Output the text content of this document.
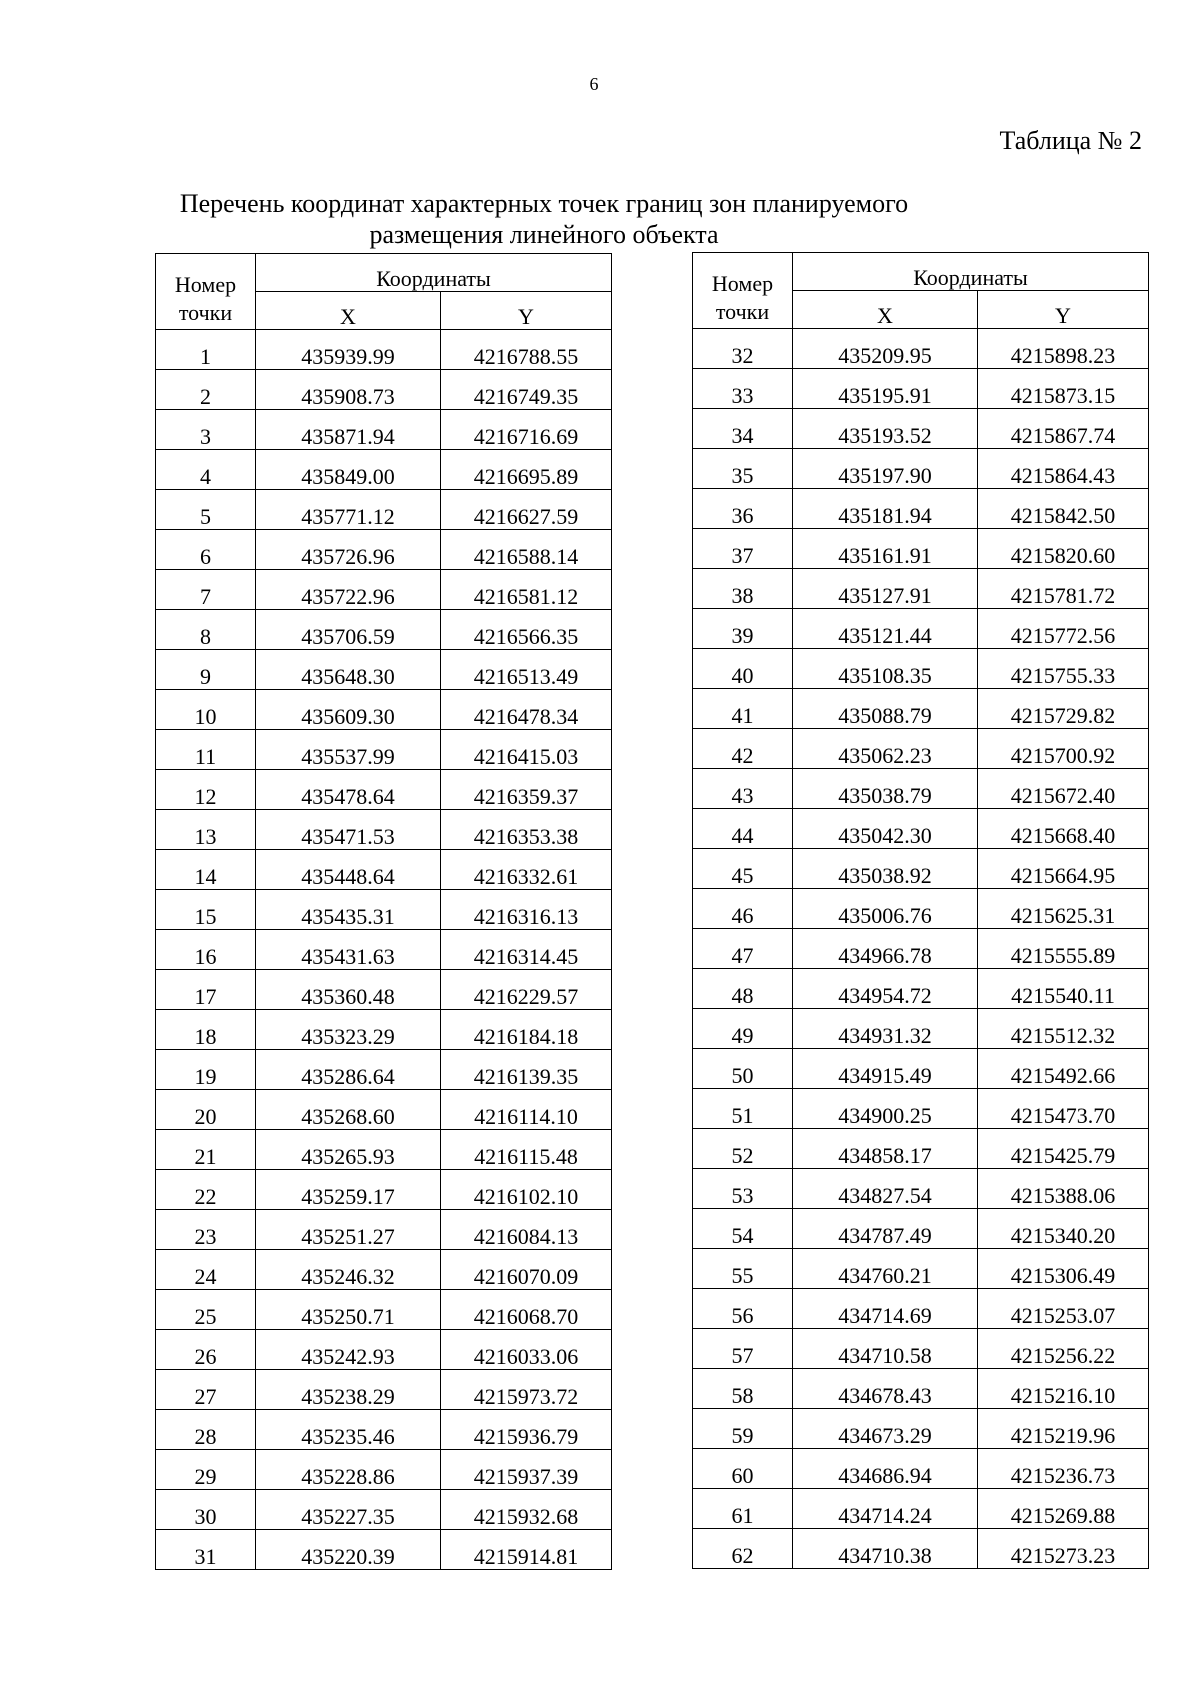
6
Таблица № 2
Перечень координат характерных точек границ зон планируемого
размещения линейного объекта
Номер
точки	Координаты	
	X	Y
1	435939.99	4216788.55
2	435908.73	4216749.35
3	435871.94	4216716.69
4	435849.00	4216695.89
5	435771.12	4216627.59
6	435726.96	4216588.14
7	435722.96	4216581.12
8	435706.59	4216566.35
9	435648.30	4216513.49
10	435609.30	4216478.34
11	435537.99	4216415.03
12	435478.64	4216359.37
13	435471.53	4216353.38
14	435448.64	4216332.61
15	435435.31	4216316.13
16	435431.63	4216314.45
17	435360.48	4216229.57
18	435323.29	4216184.18
19	435286.64	4216139.35
20	435268.60	4216114.10
21	435265.93	4216115.48
22	435259.17	4216102.10
23	435251.27	4216084.13
24	435246.32	4216070.09
25	435250.71	4216068.70
26	435242.93	4216033.06
27	435238.29	4215973.72
28	435235.46	4215936.79
29	435228.86	4215937.39
30	435227.35	4215932.68
31	435220.39	4215914.81
Номер
точки	Координаты	
	X	Y
32	435209.95	4215898.23
33	435195.91	4215873.15
34	435193.52	4215867.74
35	435197.90	4215864.43
36	435181.94	4215842.50
37	435161.91	4215820.60
38	435127.91	4215781.72
39	435121.44	4215772.56
40	435108.35	4215755.33
41	435088.79	4215729.82
42	435062.23	4215700.92
43	435038.79	4215672.40
44	435042.30	4215668.40
45	435038.92	4215664.95
46	435006.76	4215625.31
47	434966.78	4215555.89
48	434954.72	4215540.11
49	434931.32	4215512.32
50	434915.49	4215492.66
51	434900.25	4215473.70
52	434858.17	4215425.79
53	434827.54	4215388.06
54	434787.49	4215340.20
55	434760.21	4215306.49
56	434714.69	4215253.07
57	434710.58	4215256.22
58	434678.43	4215216.10
59	434673.29	4215219.96
60	434686.94	4215236.73
61	434714.24	4215269.88
62	434710.38	4215273.23
